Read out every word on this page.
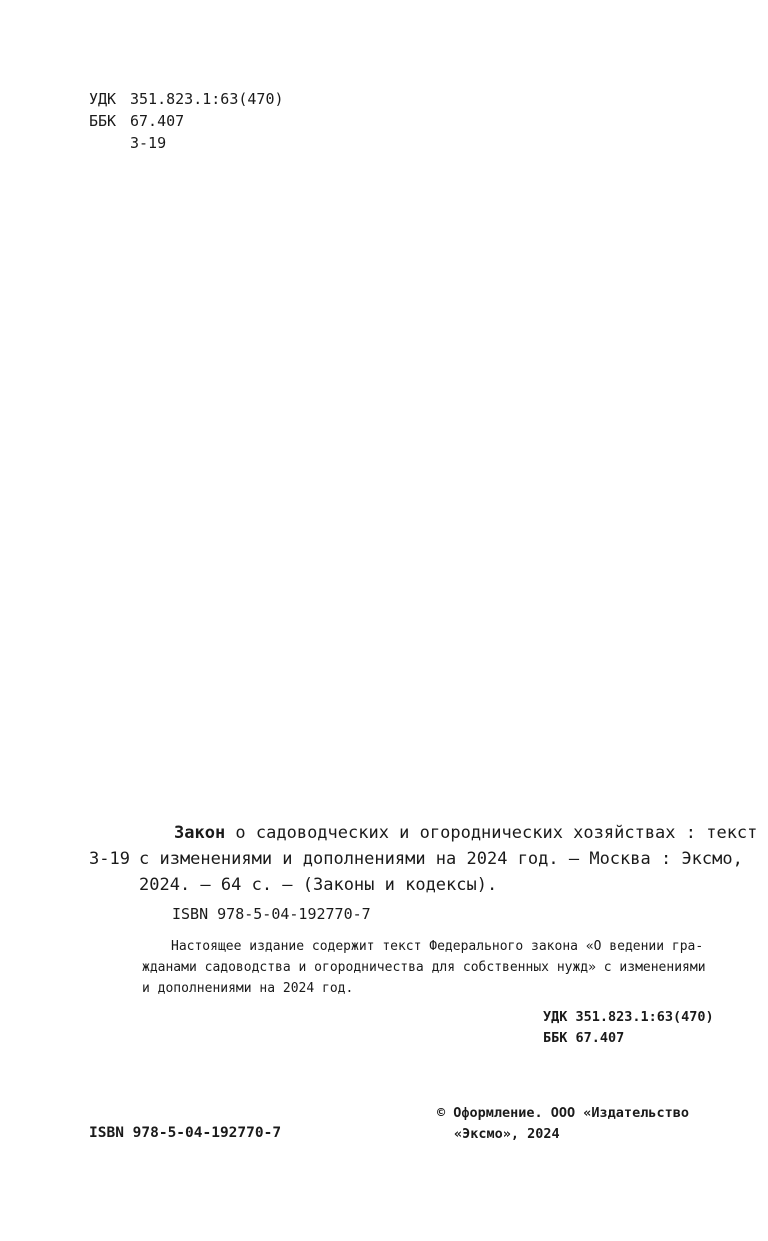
УДК 351.823.1:63(470)
ББК 67.407
З-19
Закон о садоводческих и огороднических хозяйствах : текст
З-19 с изменениями и дополнениями на 2024 год. — Москва : Эксмо,
2024. — 64 с. — (Законы и кодексы).
ISBN 978-5-04-192770-7
Настоящее издание содержит текст Федерального закона «О ведении гра-
жданами садоводства и огородничества для собственных нужд» с изменениями
и дополнениями на 2024 год.
УДК 351.823.1:63(470)
ББК 67.407
ISBN 978-5-04-192770-7
© Оформление. ООО «Издательство
«Эксмо», 2024
